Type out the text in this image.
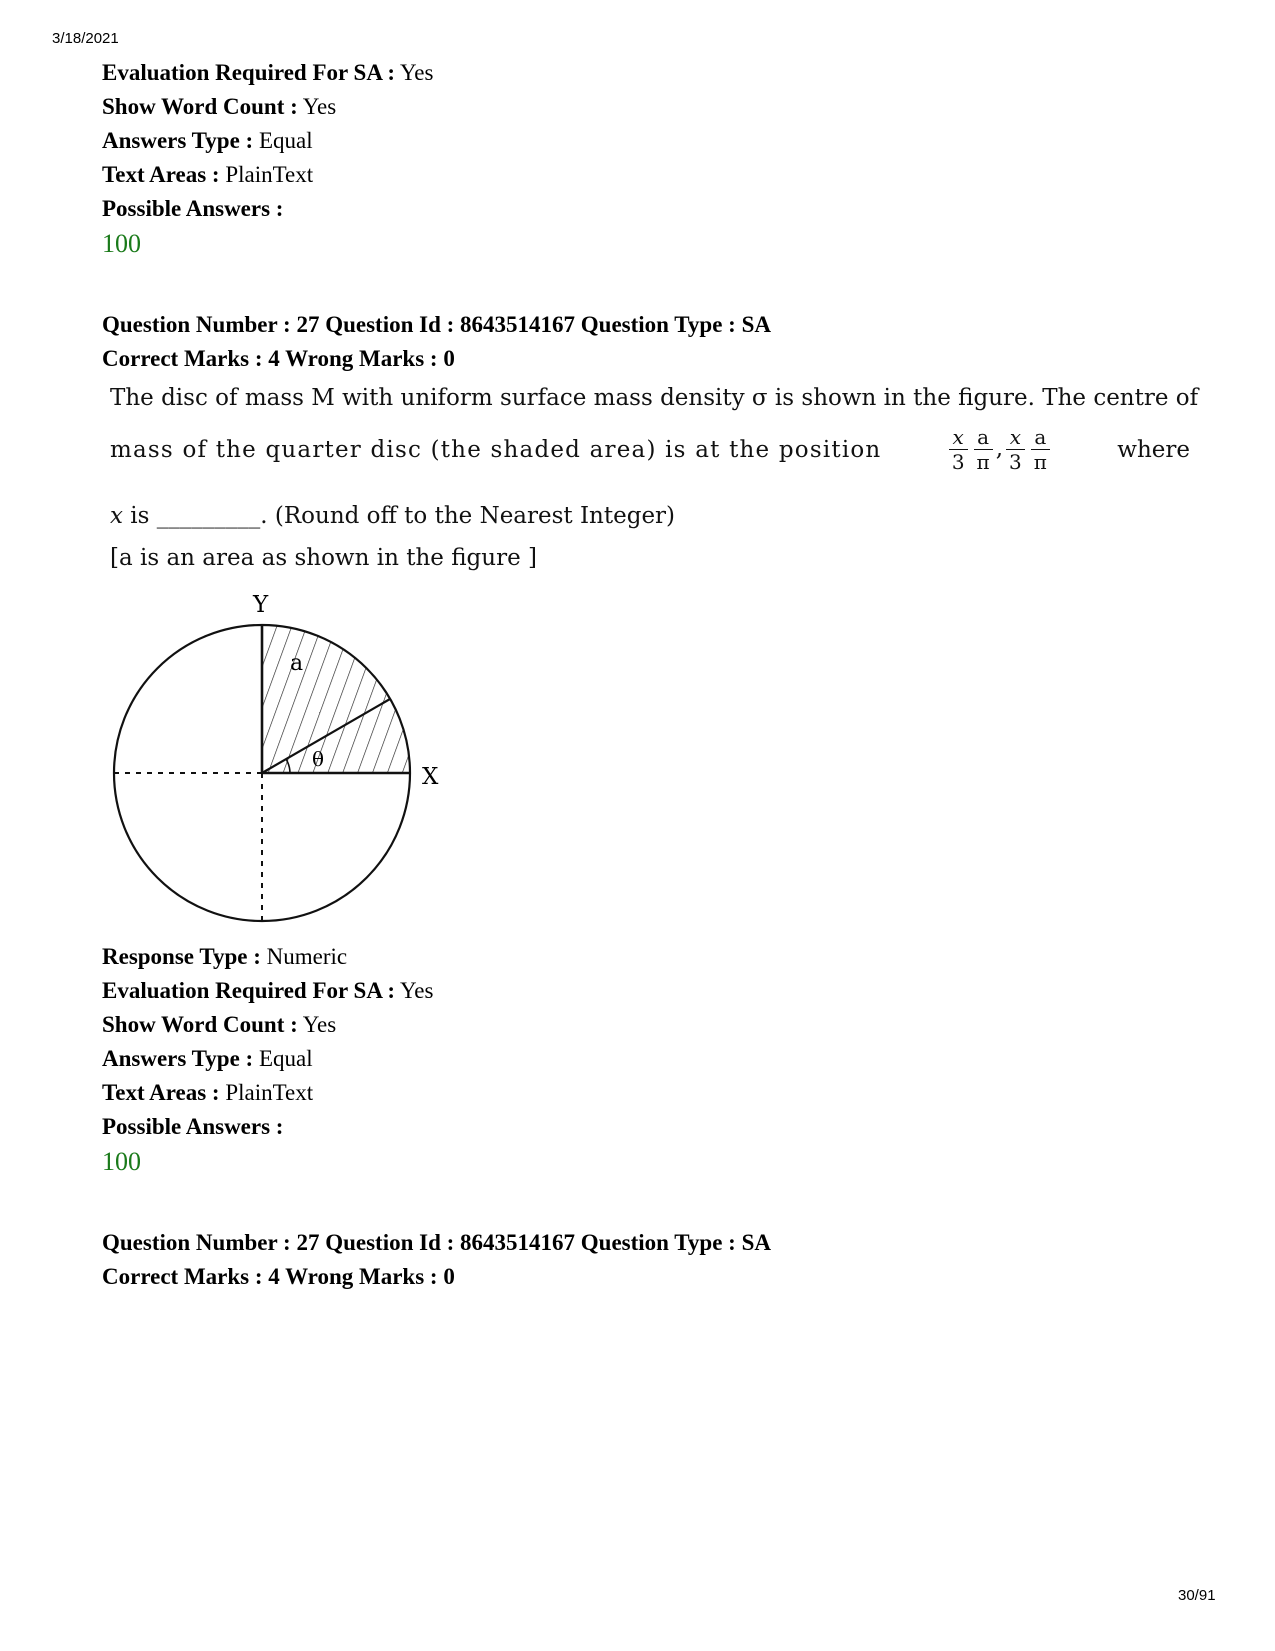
3/18/2021
Evaluation Required For SA : Yes
Show Word Count : Yes
Answers Type : Equal
Text Areas : PlainText
Possible Answers :
100
Question Number : 27 Question Id : 8643514167 Question Type : SA
Correct Marks : 4 Wrong Marks : 0
The disc of mass M with uniform surface mass density σ is shown in the figure. The centre of
mass of the quarter disc (the shaded area) is at the position	$\frac{x}{3} \frac{a}{\pi}$ , $\frac{x}{3} \frac{a}{\pi}$	where
x is _________. (Round off to the Nearest Integer)
[a is an area as shown in the figure ]
Y
X
a
θ
Response Type : Numeric
Evaluation Required For SA : Yes
Show Word Count : Yes
Answers Type : Equal
Text Areas : PlainText
Possible Answers :
100
Question Number : 27 Question Id : 8643514167 Question Type : SA
Correct Marks : 4 Wrong Marks : 0
30/91
